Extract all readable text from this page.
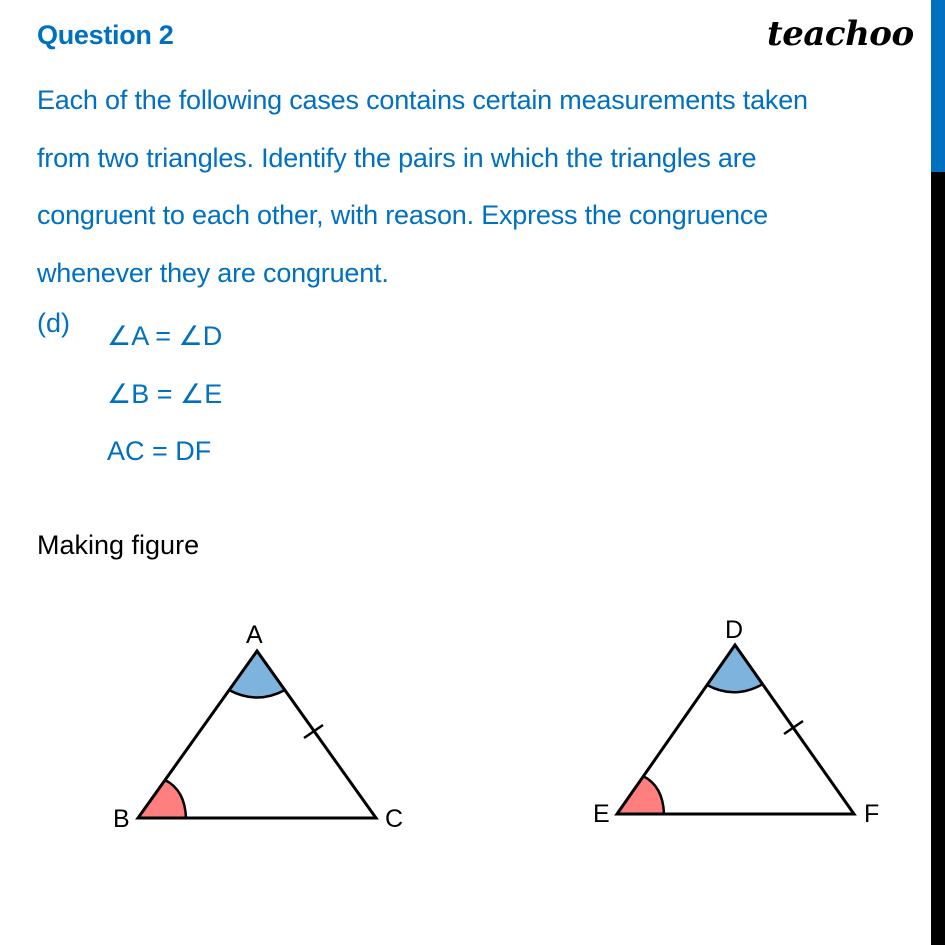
Question 2	teachoo
Each of the following cases contains certain measurements taken
from two triangles. Identify the pairs in which the triangles are
congruent to each other, with reason. Express the congruence
whenever they are congruent.
(d) ∠A = ∠D
∠B = ∠E
AC = DF
Making figure
A
B	C
D
E	F
